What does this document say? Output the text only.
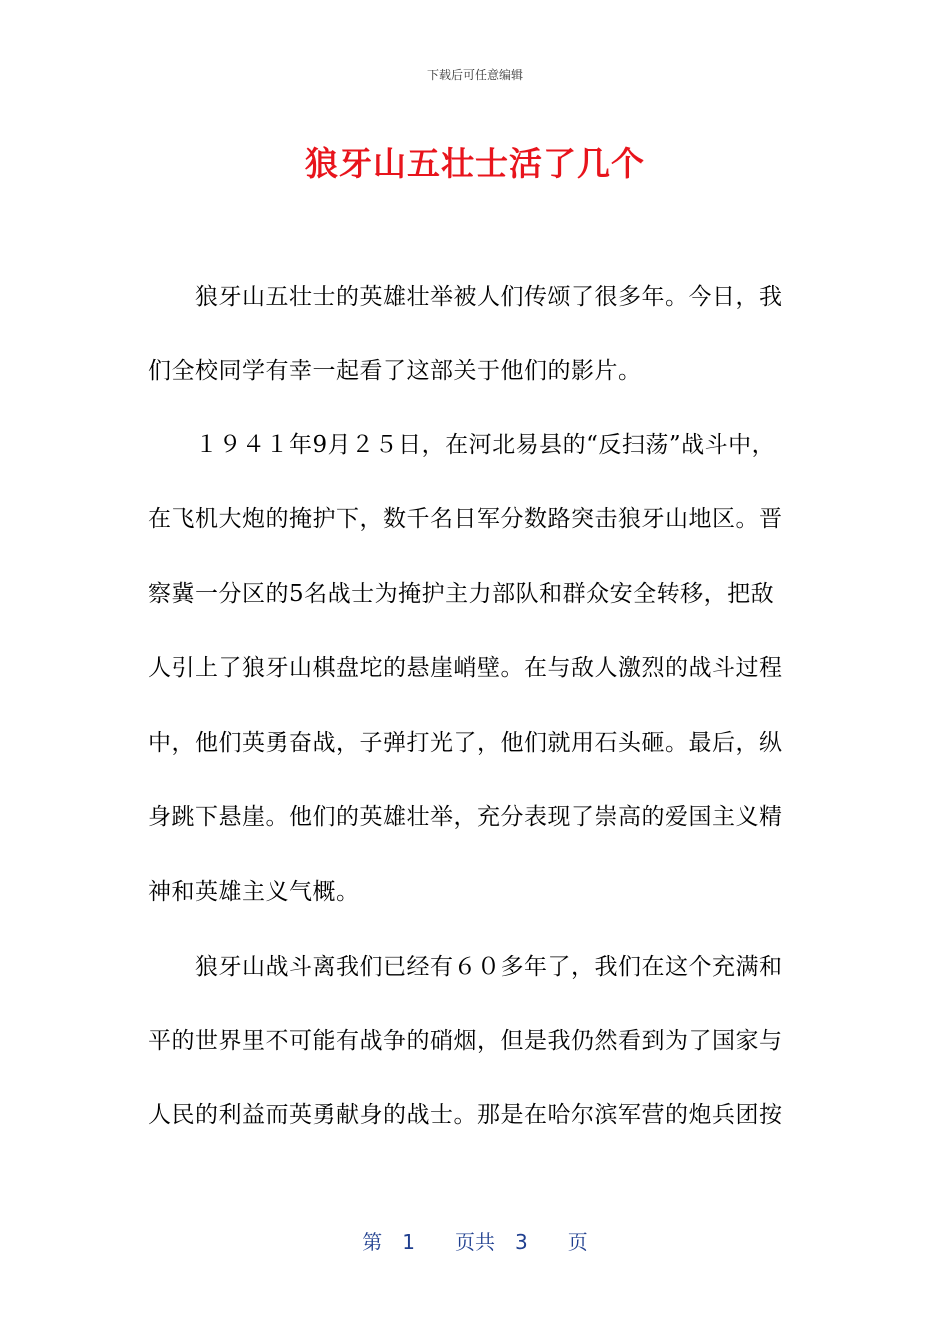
下载后可任意编辑
狼牙山五壮士活了几个
　　狼牙山五壮士的英雄壮举被人们传颂了很多年。今日，我
们全校同学有幸一起看了这部关于他们的影片。
　　１９４１年9月２５日，在河北易县的“反扫荡”战斗中，
在飞机大炮的掩护下，数千名日军分数路突击狼牙山地区。晋
察冀一分区的5名战士为掩护主力部队和群众安全转移，把敌
人引上了狼牙山棋盘坨的悬崖峭壁。在与敌人激烈的战斗过程
中，他们英勇奋战，子弹打光了，他们就用石头砸。最后，纵
身跳下悬崖。他们的英雄壮举，充分表现了崇高的爱国主义精
神和英雄主义气概。
　　狼牙山战斗离我们已经有６０多年了，我们在这个充满和
平的世界里不可能有战争的硝烟，但是我仍然看到为了国家与
人民的利益而英勇献身的战士。那是在哈尔滨军营的炮兵团按
第　1　　页共　3　　页
